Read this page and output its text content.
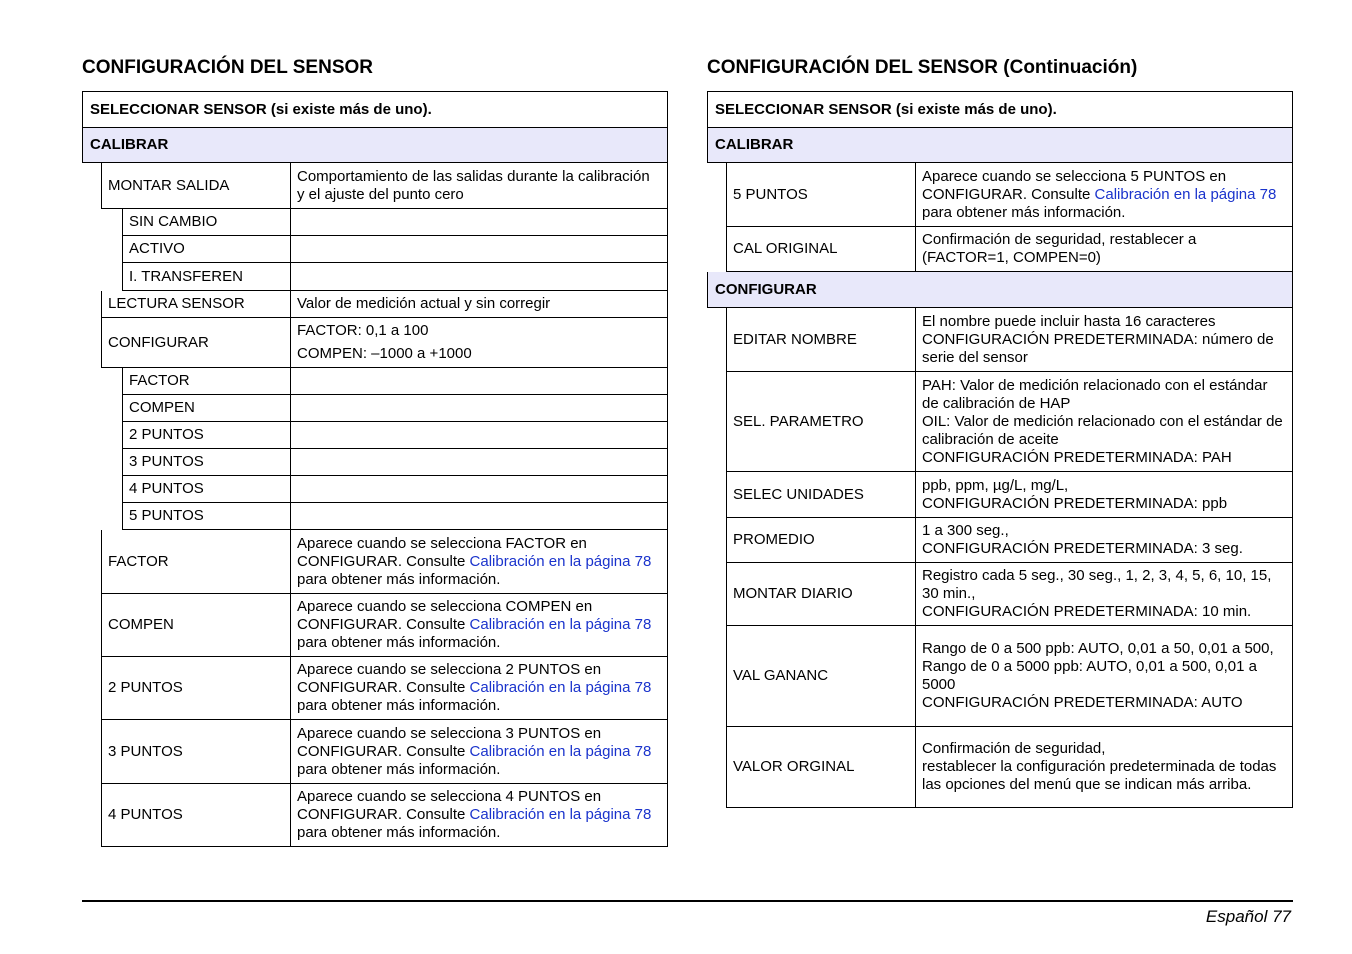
CONFIGURACIÓN DEL SENSOR
SELECCIONAR SENSOR (si existe más de uno).
CALIBRAR
MONTAR SALIDA
Comportamiento de las salidas durante la calibración y el ajuste del punto cero
SIN CAMBIO
ACTIVO
I. TRANSFEREN
LECTURA SENSOR	Valor de medición actual y sin corregir
CONFIGURAR
FACTOR: 0,1 a 100
COMPEN: –1000 a +1000
FACTOR
COMPEN
2 PUNTOS
3 PUNTOS
4 PUNTOS
5 PUNTOS
FACTOR
Aparece cuando se selecciona FACTOR en CONFIGURAR. Consulte Calibración en la página 78 para obtener más información.
COMPEN
Aparece cuando se selecciona COMPEN en CONFIGURAR. Consulte Calibración en la página 78 para obtener más información.
2 PUNTOS
Aparece cuando se selecciona 2 PUNTOS en CONFIGURAR. Consulte Calibración en la página 78 para obtener más información.
3 PUNTOS
Aparece cuando se selecciona 3 PUNTOS en CONFIGURAR. Consulte Calibración en la página 78 para obtener más información.
4 PUNTOS
Aparece cuando se selecciona 4 PUNTOS en CONFIGURAR. Consulte Calibración en la página 78 para obtener más información.
CONFIGURACIÓN DEL SENSOR (Continuación)
SELECCIONAR SENSOR (si existe más de uno).
CALIBRAR
5 PUNTOS
Aparece cuando se selecciona 5 PUNTOS en CONFIGURAR. Consulte Calibración en la página 78 para obtener más información.
CAL ORIGINAL
Confirmación de seguridad, restablecer a (FACTOR=1, COMPEN=0)
CONFIGURAR
EDITAR NOMBRE
El nombre puede incluir hasta 16 caracteres
CONFIGURACIÓN PREDETERMINADA: número de serie del sensor
SEL. PARAMETRO
PAH: Valor de medición relacionado con el estándar de calibración de HAP
OIL: Valor de medición relacionado con el estándar de calibración de aceite
CONFIGURACIÓN PREDETERMINADA: PAH
SELEC UNIDADES
ppb, ppm, µg/L, mg/L,
CONFIGURACIÓN PREDETERMINADA: ppb
PROMEDIO
1 a 300 seg.,
CONFIGURACIÓN PREDETERMINADA: 3 seg.
MONTAR DIARIO
Registro cada 5 seg., 30 seg., 1, 2, 3, 4, 5, 6, 10, 15, 30 min.,
CONFIGURACIÓN PREDETERMINADA: 10 min.
VAL GANANC
Rango de 0 a 500 ppb: AUTO, 0,01 a 50, 0,01 a 500,
Rango de 0 a 5000 ppb: AUTO, 0,01 a 500, 0,01 a 5000
CONFIGURACIÓN PREDETERMINADA: AUTO
VALOR ORGINAL
Confirmación de seguridad,
restablecer la configuración predeterminada de todas las opciones del menú que se indican más arriba.
Español 77
